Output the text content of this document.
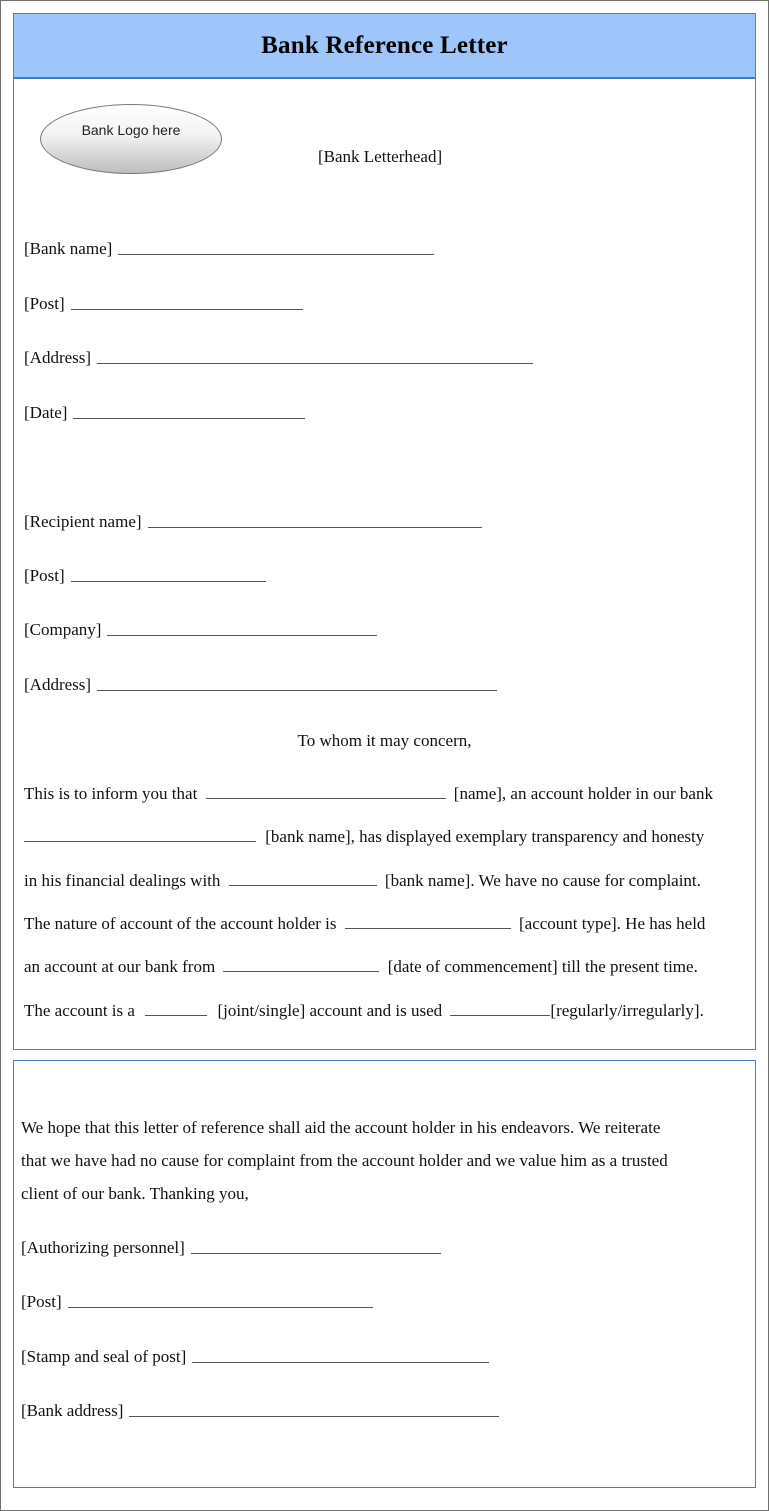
Bank Reference Letter
Bank Logo here
[Bank Letterhead]
[Bank name]
[Post]
[Address]
[Date]
[Recipient name]
[Post]
[Company]
[Address]
To whom it may concern,
This is to inform you that	[name], an account holder in our bank
[bank name], has displayed exemplary transparency and honesty
in his financial dealings with	[bank name]. We have no cause for complaint.
The nature of account of the account holder is	[account type]. He has held
an account at our bank from	[date of commencement] till the present time.
The account is a	[joint/single] account and is used	[regularly/irregularly].
We hope that this letter of reference shall aid the account holder in his endeavors. We reiterate
that we have had no cause for complaint from the account holder and we value him as a trusted
client of our bank. Thanking you,
[Authorizing personnel]
[Post]
[Stamp and seal of post]
[Bank address]
